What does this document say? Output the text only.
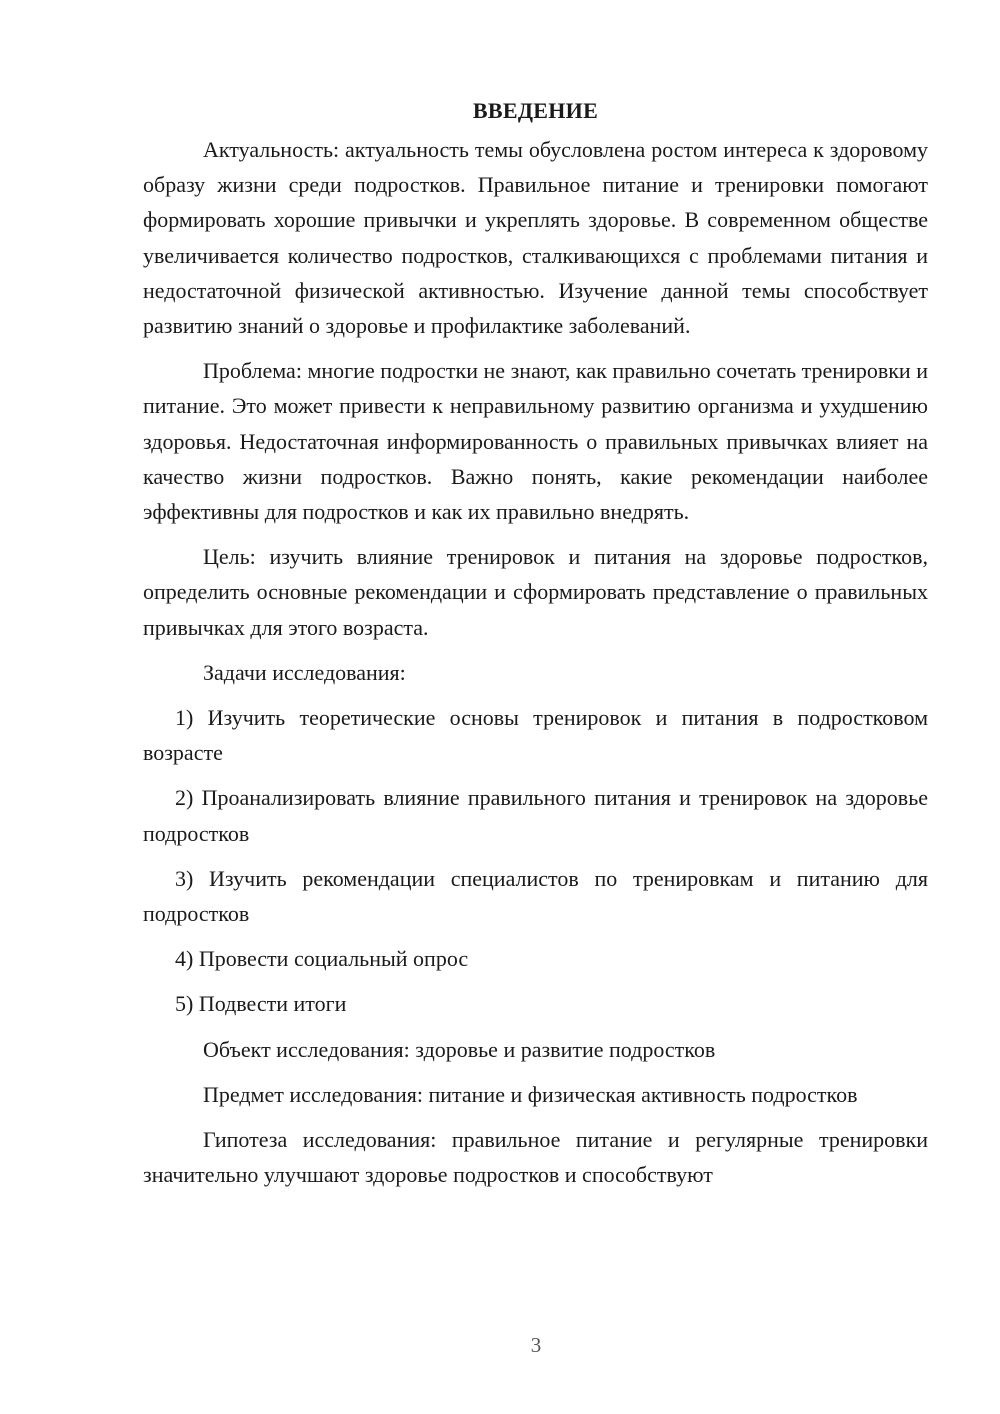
ВВЕДЕНИЕ
Актуальность: актуальность темы обусловлена ростом интереса к здоровому образу жизни среди подростков. Правильное питание и тренировки помогают формировать хорошие привычки и укреплять здоровье. В современном обществе увеличивается количество подростков, сталкивающихся с проблемами питания и недостаточной физической активностью. Изучение данной темы способствует развитию знаний о здоровье и профилактике заболеваний.
Проблема: многие подростки не знают, как правильно сочетать тренировки и питание. Это может привести к неправильному развитию организма и ухудшению здоровья. Недостаточная информированность о правильных привычках влияет на качество жизни подростков. Важно понять, какие рекомендации наиболее эффективны для подростков и как их правильно внедрять.
Цель: изучить влияние тренировок и питания на здоровье подростков, определить основные рекомендации и сформировать представление о правильных привычках для этого возраста.
Задачи исследования:
1) Изучить теоретические основы тренировок и питания в подростковом возрасте
2) Проанализировать влияние правильного питания и тренировок на здоровье подростков
3) Изучить рекомендации специалистов по тренировкам и питанию для подростков
4) Провести социальный опрос
5) Подвести итоги
Объект исследования: здоровье и развитие подростков
Предмет исследования: питание и физическая активность подростков
Гипотеза исследования: правильное питание и регулярные тренировки значительно улучшают здоровье подростков и способствуют
3
